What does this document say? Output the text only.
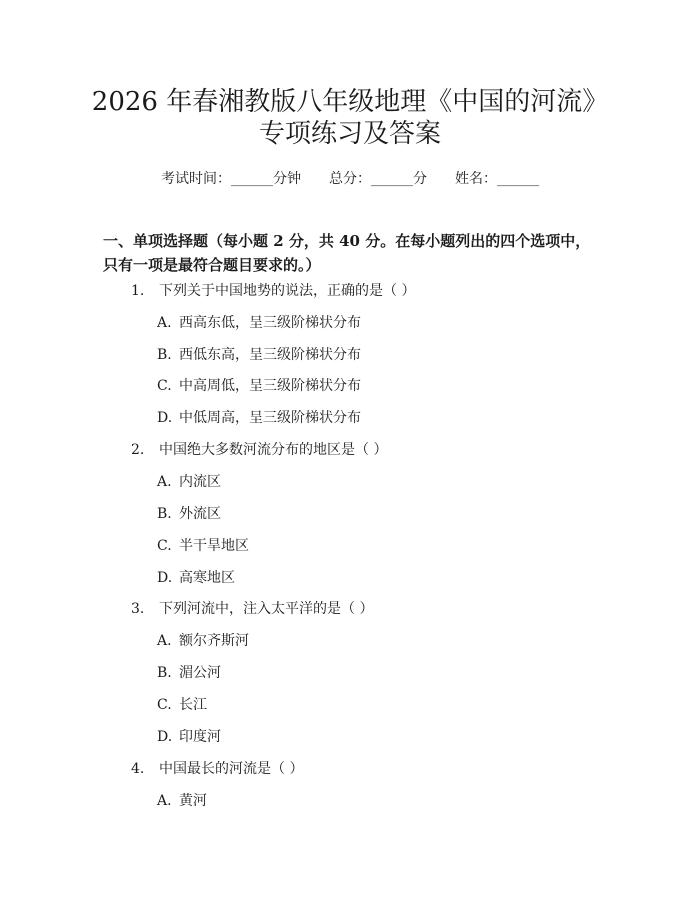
2026 年春湘教版八年级地理《中国的河流》
专项练习及答案
考试时间：______分钟 总分：______分 姓名：______

一、单项选择题（每小题 2 分，共 40 分。在每小题列出的四个选项中，只有一项是最符合题目要求的。）

1. 下列关于中国地势的说法，正确的是（ ）
A. 西高东低，呈三级阶梯状分布
B. 西低东高，呈三级阶梯状分布
C. 中高周低，呈三级阶梯状分布
D. 中低周高，呈三级阶梯状分布
2. 中国绝大多数河流分布的地区是（ ）
A. 内流区
B. 外流区
C. 半干旱地区
D. 高寒地区
3. 下列河流中，注入太平洋的是（ ）
A. 额尔齐斯河
B. 湄公河
C. 长江
D. 印度河
4. 中国最长的河流是（ ）
A. 黄河
